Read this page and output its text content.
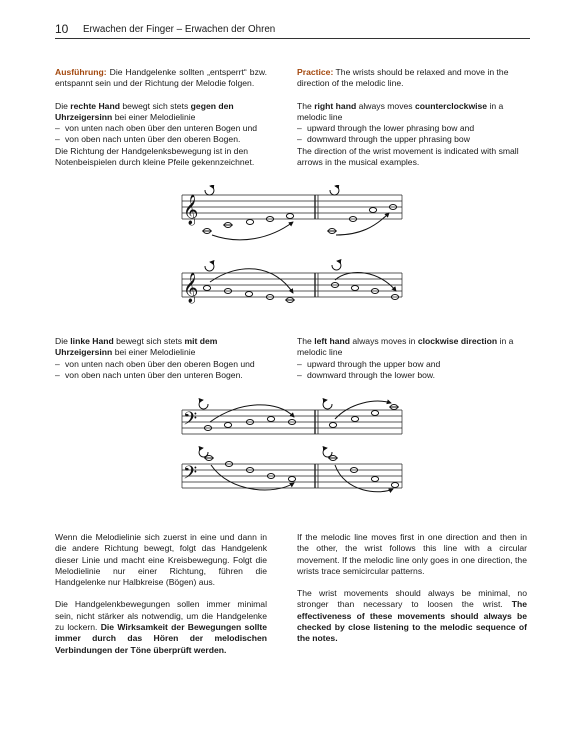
10 Erwachen der Finger – Erwachen der Ohren

Ausführung: Die Handgelenke sollten „entsperrt“ bzw. entspannt sein und der Richtung der Melodie folgen.

Die rechte Hand bewegt sich stets gegen den Uhrzeigersinn bei einer Melodielinie
– von unten nach oben über den unteren Bogen und
– von oben nach unten über den oberen Bogen.
Die Richtung der Handgelenksbewegung ist in den Notenbeispielen durch kleine Pfeile gekennzeichnet.

Practice: The wrists should be relaxed and move in the direction of the melodic line.

The right hand always moves counterclockwise in a melodic line
– upward through the lower phrasing bow and
– downward through the upper phrasing bow
The direction of the wrist movement is indicated with small arrows in the musical examples.

𝄞
𝄞

Die linke Hand bewegt sich stets mit dem Uhrzeigersinn bei einer Melodielinie
– von unten nach oben über den oberen Bogen und
– von oben nach unten über den unteren Bogen.

The left hand always moves in clockwise direction in a melodic line
– upward through the upper bow and
– downward through the lower bow.

𝄢
𝄢

Wenn die Melodielinie sich zuerst in eine und dann in die andere Richtung bewegt, folgt das Handgelenk dieser Linie und macht eine Kreisbewegung. Folgt die Melodielinie nur einer Richtung, führen die Handgelenke nur Halbkreise (Bögen) aus.

Die Handgelenkbewegungen sollen immer minimal sein, nicht stärker als notwendig, um die Handgelenke zu lockern. Die Wirksamkeit der Bewegungen sollte immer durch das Hören der melodischen Verbindungen der Töne überprüft werden.

If the melodic line moves first in one direction and then in the other, the wrist follows this line with a circular movement. If the melodic line only goes in one direction, the wrists trace semicircular patterns.

The wrist movements should always be minimal, no stronger than necessary to loosen the wrist. The effectiveness of these movements should always be checked by close listening to the melodic sequence of the notes.
